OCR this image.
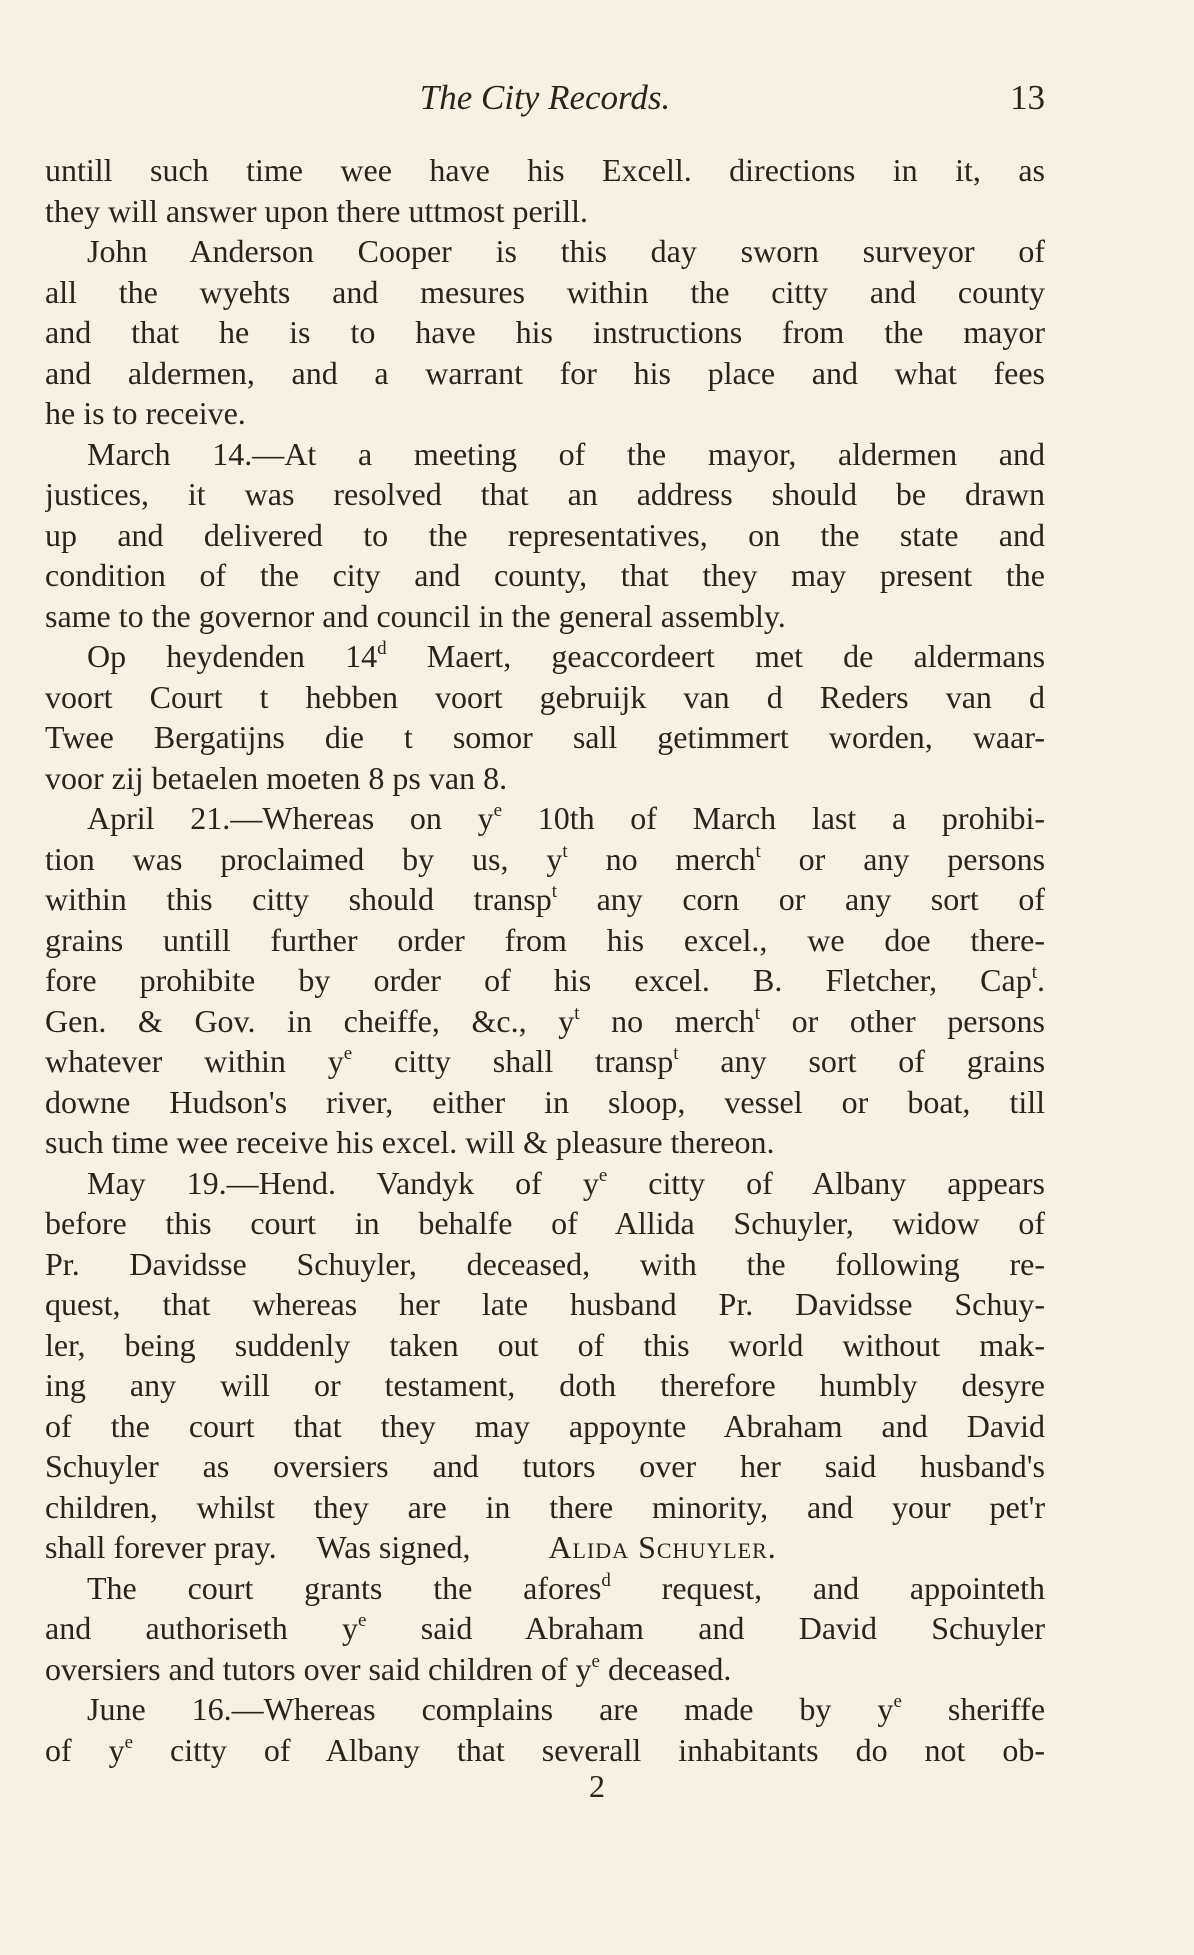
The City Records.	13
untill such time wee have his Excell. directions in it, as
they will answer upon there uttmost perill.
John Anderson Cooper is this day sworn surveyor of
all the wyehts and mesures within the citty and county
and that he is to have his instructions from the mayor
and aldermen, and a warrant for his place and what fees
he is to receive.
March 14.—At a meeting of the mayor, aldermen and
justices, it was resolved that an address should be drawn
up and delivered to the representatives, on the state and
condition of the city and county, that they may present the
same to the governor and council in the general assembly.
Op heydenden 14$^d$ Maert, geaccordeert met de aldermans
voort Court t hebben voort gebruijk van d Reders van d
Twee Bergatijns die t somor sall getimmert worden, waar-
voor zij betaelen moeten 8 ps van 8.
April 21.—Whereas on $y^e$ 10th of March last a prohibi-
tion was proclaimed by us, $y^t$ no merch$^t$ or any persons
within this citty should transp$^t$ any corn or any sort of
grains untill further order from his excel., we doe there-
fore prohibite by order of his excel. B. Fletcher, Cap$^t$.
Gen. & Gov. in cheiffe, &c., $y^t$ no merch$^t$ or other persons
whatever within $y^e$ citty shall transp$^t$ any sort of grains
downe Hudson's river, either in sloop, vessel or boat, till
such time wee receive his excel. will & pleasure thereon.
May 19.—Hend. Vandyk of $y^e$ citty of Albany appears
before this court in behalfe of Allida Schuyler, widow of
Pr. Davidsse Schuyler, deceased, with the following re-
quest, that whereas her late husband Pr. Davidsse Schuy-
ler, being suddenly taken out of this world without mak-
ing any will or testament, doth therefore humbly desyre
of the court that they may appoynte Abraham and David
Schuyler as oversiers and tutors over her said husband's
children, whilst they are in there minority, and your pet'r
shall forever pray. Was signed, Alida Schuyler.
The court grants the afores$^d$ request, and appointeth
and authoriseth $y^e$ said Abraham and David Schuyler
oversiers and tutors over said children of $y^e$ deceased.
June 16.—Whereas complains are made by $y^e$ sheriffe
of $y^e$ citty of Albany that severall inhabitants do not ob-
2
